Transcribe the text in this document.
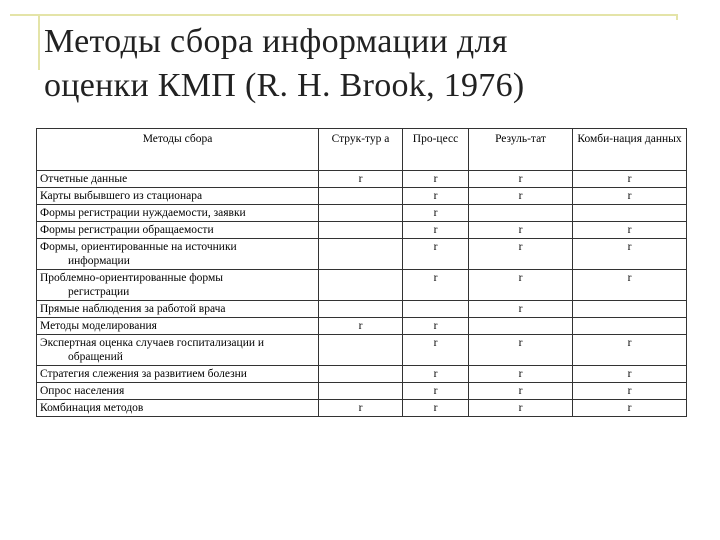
Методы сбора информации для
оценки КМП (R. H. Brook, 1976)
Методы сбора	Струк-тур а	Про-цесс	Резуль-тат	Комби-нация данных
Отчетные данные	r	r	r	r
Карты выбывшего из стационара		r	r	r
Формы регистрации нуждаемости, заявки		r		
Формы регистрации обращаемости		r	r	r
Формы, ориентированные на источники
информации		r	r	r
Проблемно-ориентированные формы
регистрации		r	r	r
Прямые наблюдения за работой врача			r	
Методы моделирования	r	r		
Экспертная оценка случаев госпитализации и
обращений		r	r	r
Стратегия слежения за развитием болезни		r	r	r
Опрос населения		r	r	r
Комбинация методов	r	r	r	r
